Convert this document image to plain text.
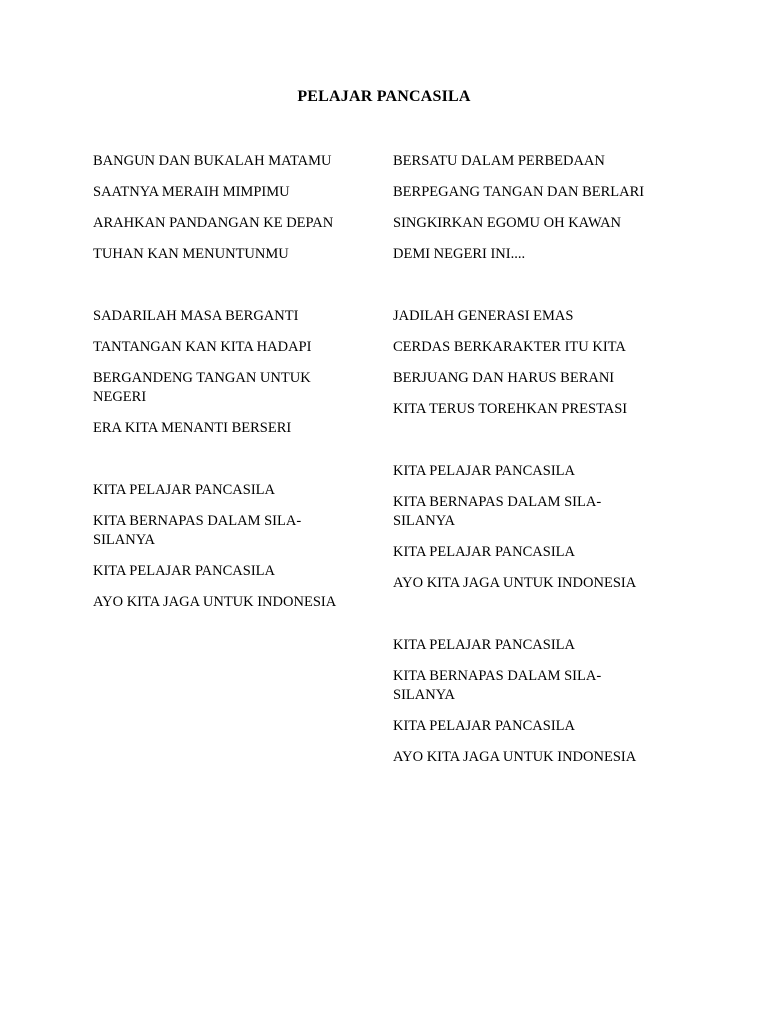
PELAJAR PANCASILA

BANGUN DAN BUKALAH MATAMU

SAATNYA MERAIH MIMPIMU

ARAHKAN PANDANGAN KE DEPAN

TUHAN KAN MENUNTUNMU

SADARILAH MASA BERGANTI

TANTANGAN KAN KITA HADAPI

BERGANDENG TANGAN UNTUK NEGERI

ERA KITA MENANTI BERSERI

KITA PELAJAR PANCASILA

KITA BERNAPAS DALAM SILA-SILANYA

KITA PELAJAR PANCASILA

AYO KITA JAGA UNTUK INDONESIA

BERSATU DALAM PERBEDAAN

BERPEGANG TANGAN DAN BERLARI

SINGKIRKAN EGOMU OH KAWAN

DEMI NEGERI INI....

JADILAH GENERASI EMAS

CERDAS BERKARAKTER ITU KITA

BERJUANG DAN HARUS BERANI

KITA TERUS TOREHKAN PRESTASI

KITA PELAJAR PANCASILA

KITA BERNAPAS DALAM SILA-SILANYA

KITA PELAJAR PANCASILA

AYO KITA JAGA UNTUK INDONESIA

KITA PELAJAR PANCASILA

KITA BERNAPAS DALAM SILA-SILANYA

KITA PELAJAR PANCASILA

AYO KITA JAGA UNTUK INDONESIA
